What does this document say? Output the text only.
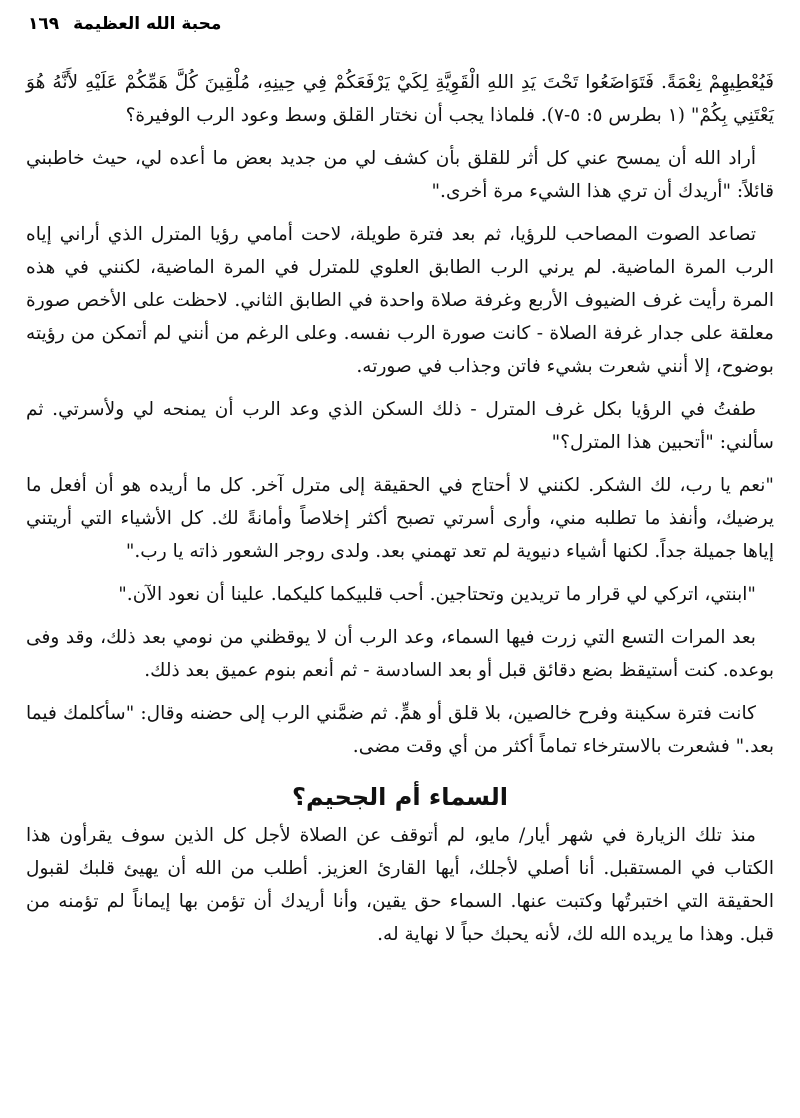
محبة الله العظيمة ١٦٩

فَيُعْطِيهِمْ نِعْمَةً. فَتَوَاضَعُوا تَحْتَ يَدِ اللهِ الْقَوِيَّةِ لِكَيْ يَرْفَعَكُمْ فِي حِينِهِ، مُلْقِينَ كُلَّ هَمِّكُمْ عَلَيْهِ لأَنَّهُ هُوَ يَعْتَنِي بِكُمْ" (١ بطرس ٥: ٥-٧). فلماذا يجب أن نختار القلق وسط وعود الرب الوفيرة؟

أراد الله أن يمسح عني كل أثر للقلق بأن كشف لي من جديد بعض ما أعده لي، حيث خاطبني قائلاً: "أريدك أن تري هذا الشيء مرة أخرى."

تصاعد الصوت المصاحب للرؤيا، ثم بعد فترة طويلة، لاحت أمامي رؤيا المترل الذي أراني إياه الرب المرة الماضية. لم يرني الرب الطابق العلوي للمترل في المرة الماضية، لكنني في هذه المرة رأيت غرف الضيوف الأربع وغرفة صلاة واحدة في الطابق الثاني. لاحظت على الأخص صورة معلقة على جدار غرفة الصلاة - كانت صورة الرب نفسه. وعلى الرغم من أنني لم أتمكن من رؤيته بوضوح، إلا أنني شعرت بشيء فاتن وجذاب في صورته.

طفتُ في الرؤيا بكل غرف المترل - ذلك السكن الذي وعد الرب أن يمنحه لي ولأسرتي. ثم سألني: "أتحبين هذا المترل؟"

"نعم يا رب، لك الشكر. لكنني لا أحتاج في الحقيقة إلى مترل آخر. كل ما أريده هو أن أفعل ما يرضيك، وأنفذ ما تطلبه مني، وأرى أسرتي تصبح أكثر إخلاصاً وأمانةً لك. كل الأشياء التي أريتني إياها جميلة جداً. لكنها أشياء دنيوية لم تعد تهمني بعد. ولدى روجر الشعور ذاته يا رب."

"ابنتي، اتركي لي قرار ما تريدين وتحتاجين. أحب قلبيكما كليكما. علينا أن نعود الآن."

بعد المرات التسع التي زرت فيها السماء، وعد الرب أن لا يوقظني من نومي بعد ذلك، وقد وفى بوعده. كنت أستيقظ بضع دقائق قبل أو بعد السادسة - ثم أنعم بنوم عميق بعد ذلك.

كانت فترة سكينة وفرح خالصين، بلا قلق أو همٍّ. ثم ضمَّني الرب إلى حضنه وقال: "سأكلمك فيما بعد." فشعرت بالاسترخاء تماماً أكثر من أي وقت مضى.

السماء أم الجحيم؟

منذ تلك الزيارة في شهر أيار/ مايو، لم أتوقف عن الصلاة لأجل كل الذين سوف يقرأون هذا الكتاب في المستقبل. أنا أصلي لأجلك، أيها القارئ العزيز. أطلب من الله أن يهيئ قلبك لقبول الحقيقة التي اختبرتُها وكتبت عنها. السماء حق يقين، وأنا أريدك أن تؤمن بها إيماناً لم تؤمنه من قبل. وهذا ما يريده الله لك، لأنه يحبك حباً لا نهاية له.
